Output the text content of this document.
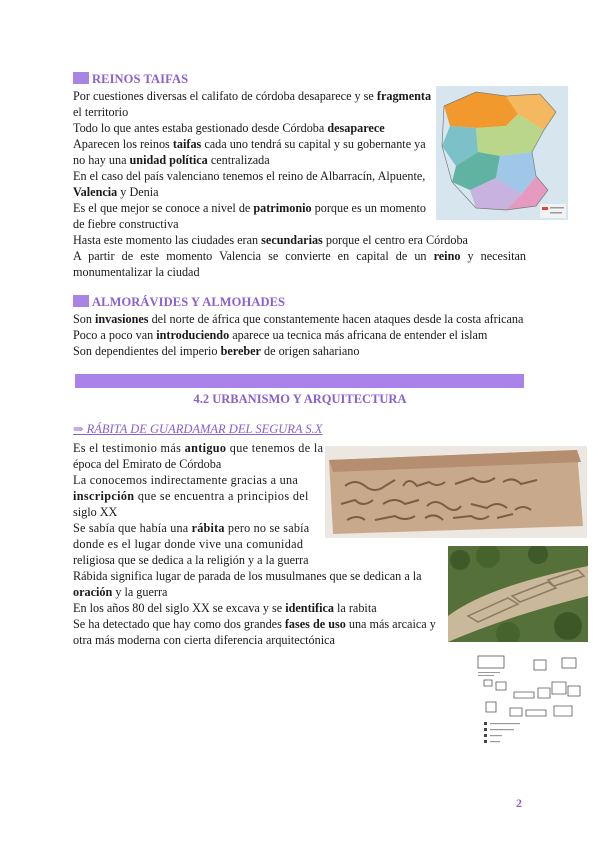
REINOS TAIFAS
Por cuestiones diversas el califato de córdoba desaparece y se fragmenta
el territorio
Todo lo que antes estaba gestionado desde Córdoba desaparece
Aparecen los reinos taifas cada uno tendrá su capital y su gobernante ya
no hay una unidad política centralizada
En el caso del país valenciano tenemos el reino de Albarracín, Alpuente,
Valencia y Denia
Es el que mejor se conoce a nivel de patrimonio porque es un momento
de fiebre constructiva
Hasta este momento las ciudades eran secundarias porque el centro era Córdoba
A partir de este momento Valencia se convierte en capital de un reino y necesitan monumentalizar la ciudad
ALMORÁVIDES Y ALMOHADES
Son invasiones del norte de áfrica que constantemente hacen ataques desde la costa africana
Poco a poco van introduciendo aparece ua tecnica más africana de entender el islam
Son dependientes del imperio bereber de origen sahariano
4.2 URBANISMO Y ARQUITECTURA
⇒ RÁBITA DE GUARDAMAR DEL SEGURA S.X
Es el testimonio más antiguo que tenemos de la
época del Emirato de Córdoba
La conocemos indirectamente gracias a una
inscripción que se encuentra a principios del
siglo XX
Se sabía que había una rábita pero no se sabía
donde es el lugar donde vive una comunidad
religiosa que se dedica a la religión y a la guerra
Rábida significa lugar de parada de los musulmanes que se dedican a la
oración y la guerra
En los años 80 del siglo XX se excava y se identifica la rabita
Se ha detectado que hay como dos grandes fases de uso una más arcaica y
otra más moderna con cierta diferencia arquitectónica
2
